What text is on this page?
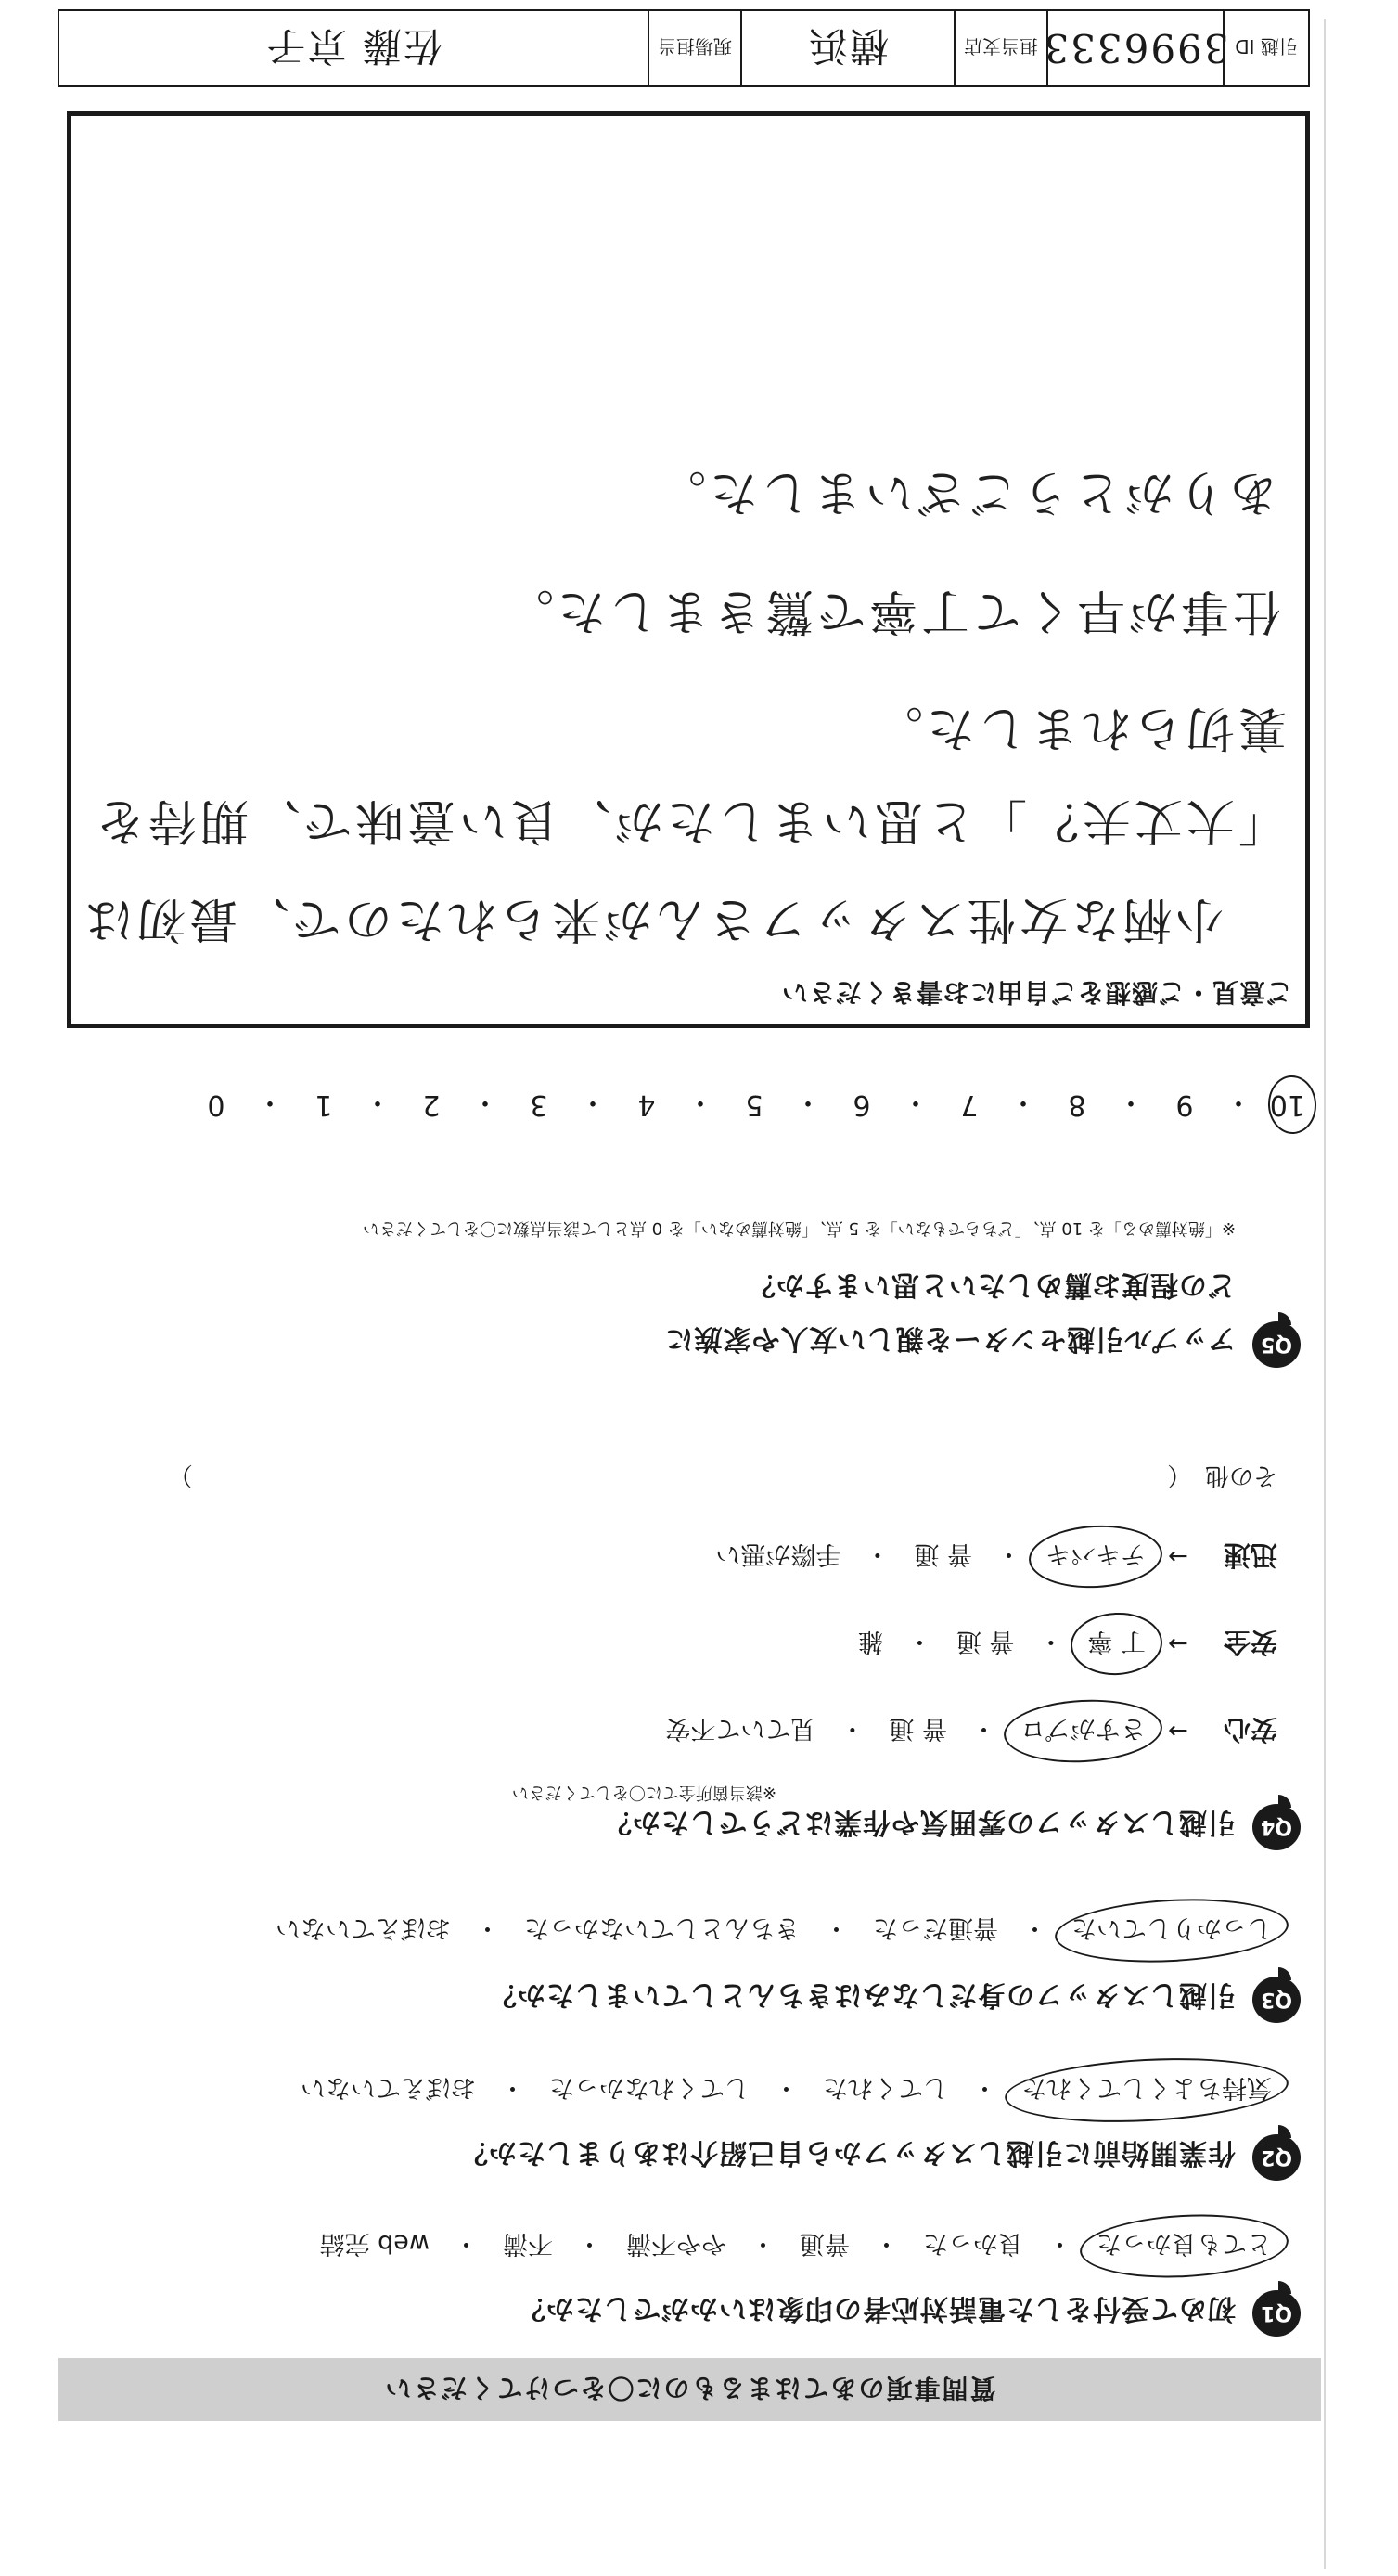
質問事項のあてはまるものに〇をつけてください
Q1
初めて受付をした電話対応者の印象はいかがでしたか？
とても良かった
・
良かった
・
普通
・
やや不満
・
不満
・
web 完結
Q2
作業開始前に引越しスタッフから自己紹介はありましたか？
気持ちよくしてくれた
・
してくれた
・
してくれなかった
・
おぼえていない
Q3
引越しスタッフの身だしなみはきちんとしていましたか？
しっかりしていた
・
普通だった
・
きちんとしていなかった
・
おぼえていない
Q4
引越しスタッフの雰囲気や作業はどうでしたか？
※該当箇所全てに〇をしてください
安心
→
さすがプロ
・
普 通
・
見ていて不安
安全
→
丁 寧
・
普 通
・
雑
迅速
→
テキパキ
・
普 通
・
手際が悪い
その他
（
）
Q5
アップル引越センターを親しい友人や家族に
どの程度お薦めしたいと思いますか？
※「絶対薦める」を 10 点、「どちらでもない」を 5 点、「絶対薦めない」を 0 点として該当点数に〇をしてください
10
・
9
・
8
・
7
・
6
・
5
・
4
・
3
・
2
・
1
・
0
ご意見・ご感想をご自由にお書きください
小柄な女性スタッフさんが来られたので、最初は
「大丈夫？」と思いましたが、良い意味で、期待を
裏切られました。
仕事が早くて丁寧で驚きました。
ありがとうございました。
引越 ID
3996333
担当支店
横浜
現場担当
佐藤 京子
